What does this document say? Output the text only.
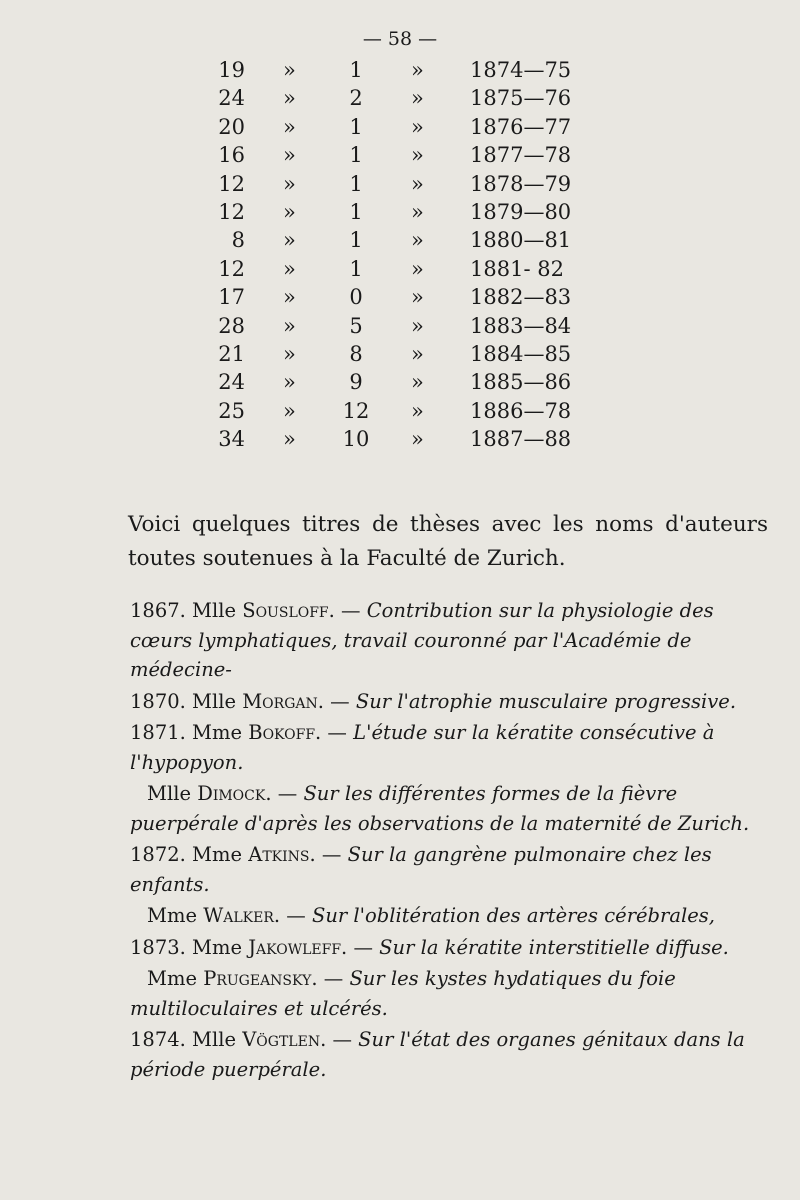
— 58 —
19 »	1	» 1874—75
24 »	2	» 1875—76
20 »	1	» 1876—77
16 »	1	» 1877—78
12 »	1	» 1878—79
12 »	1	» 1879—80
8 »	1	» 1880—81
12 »	1	» 1881- 82
17 »	0	» 1882—83
28 »	5	» 1883—84
21 »	8	» 1884—85
24 »	9	» 1885—86
25 » 12 » 1886—78
34 » 10 » 1887—88
Voici quelques titres de thèses avec les noms d'auteurs
toutes soutenues à la Faculté de Zurich.
1867. Mlle Sousloff. — Contribution sur la physiologie des cœurs lymphatiques, travail couronné par l'Académie de médecine-
1870. Mlle Morgan. — Sur l'atrophie musculaire progressive.
1871. Mme Bokoff. — L'étude sur la kératite consécutive à l'hypopyon.
Mlle Dimock. — Sur les différentes formes de la fièvre puerpérale d'après les observations de la maternité de Zurich.
1872. Mme Atkins. — Sur la gangrène pulmonaire chez les enfants.
Mme Walker. — Sur l'oblitération des artères cérébrales,
1873. Mme Jakowleff. — Sur la kératite interstitielle diffuse.
Mme Prugeansky. — Sur les kystes hydatiques du foie multiloculaires et ulcérés.
1874. Mlle Vögtlen. — Sur l'état des organes génitaux dans la période puerpérale.
